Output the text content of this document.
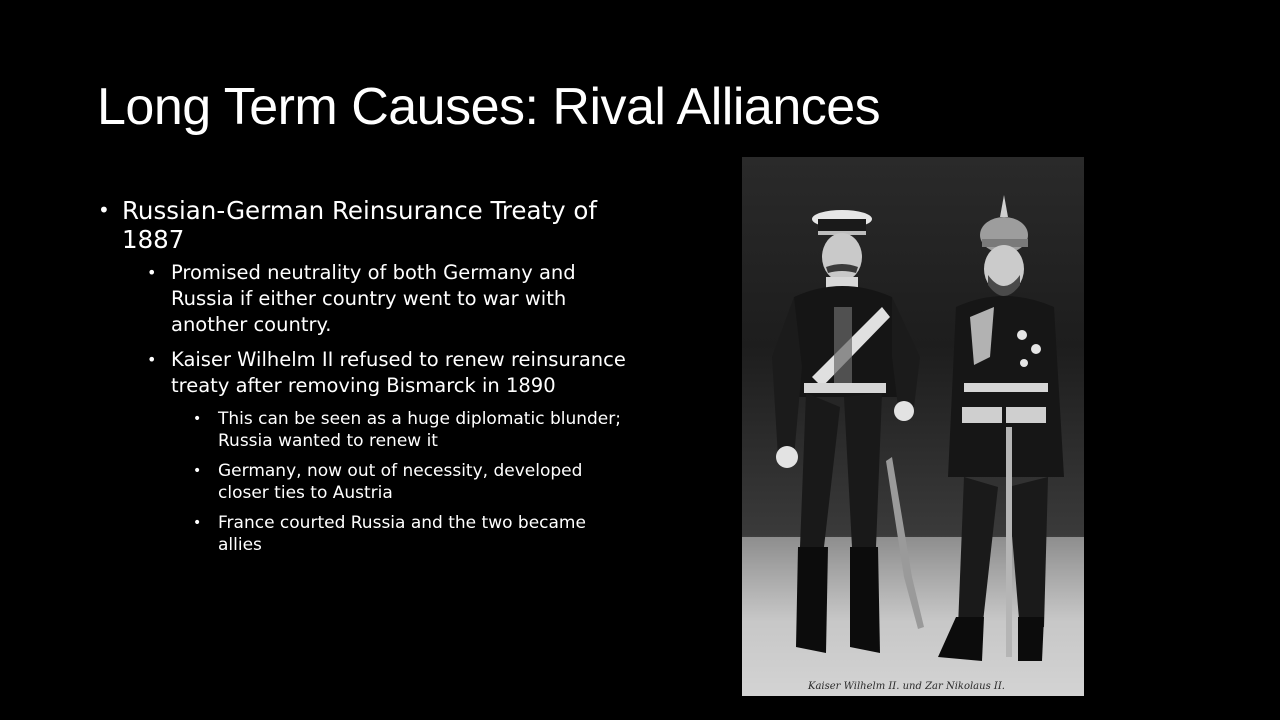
Long Term Causes: Rival Alliances
• Russian-German Reinsurance Treaty of 1887
• Promised neutrality of both Germany and Russia if either country went to war with another country.
• Kaiser Wilhelm II refused to renew reinsurance treaty after removing Bismarck in 1890
• This can be seen as a huge diplomatic blunder; Russia wanted to renew it
• Germany, now out of necessity, developed closer ties to Austria
• France courted Russia and the two became allies
Kaiser Wilhelm II. und Zar Nikolaus II.
